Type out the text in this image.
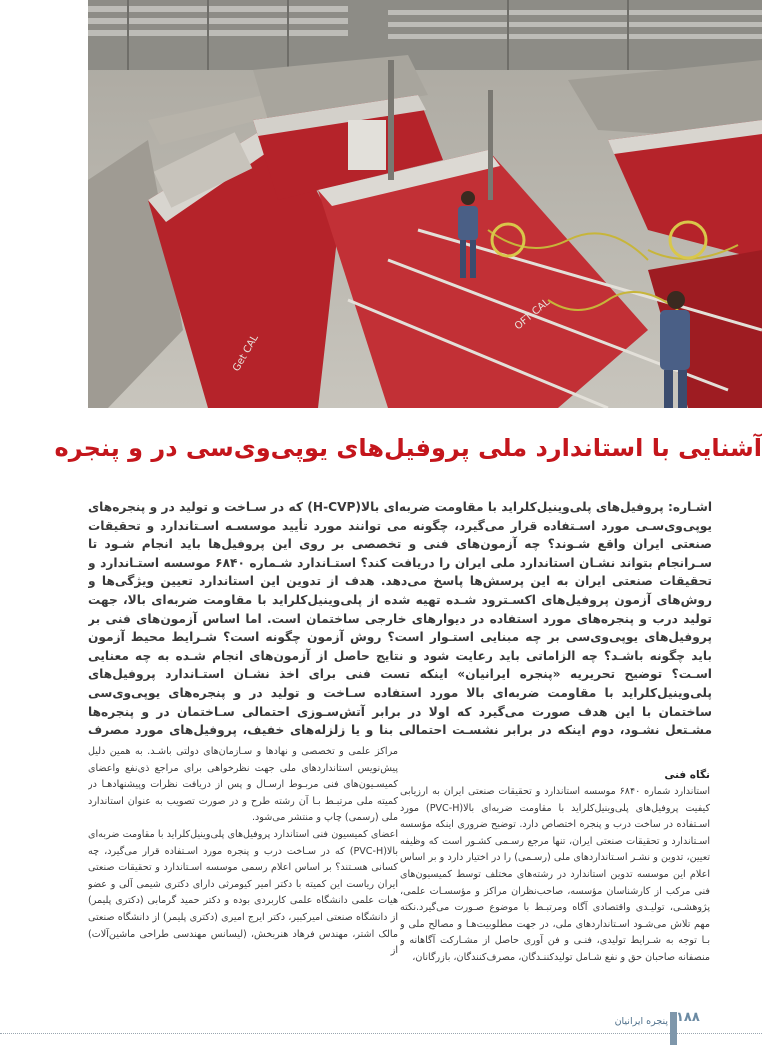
Get CAL
OFT CAL
آشنایی با استاندارد ملی پروفیل‌های یوپی‌وی‌سی در و پنجره

اشـاره: پروفیل‌های پلی‌وینیل‌کلراید با مقاومت ضربه‌ای بالا(H-CVP) که در سـاخت و تولید در و پنجره‌های یوپی‌وی‌سـی مورد اسـتفاده قرار می‌گیرد، چگونه می‌ توانند مورد تأیید موسسـه اسـتاندارد و تحقیقات صنعتی ایران واقع شـوند؟ چه آزمون‌های فنی و تخصصی بر روی این پروفیل‌ها باید انجام شـود تا سـرانجام بتواند نشـان استاندارد ملی ایران را دریافت کند؟ استـاندارد شـماره ۶۸۴۰ موسسه استـاندارد و تحقیقات صنعتی ایران به این پرسش‌ها پاسخ می‌دهد. هدف از تدوین این استاندارد تعیین ویژگی‌ها و روش‌های آزمون پروفیل‌های اکسـترود شـده تهیه شده از پلی‌وینیل‌کلراید با مقاومت ضربه‌ای بالا، جهت تولید درب و پنجره‌های مورد استفاده در دیوارهای خارجی ساختمان است. اما اساس آزمون‌های فنی بر پروفیل‌های یوپی‌وی‌سی بر چه مبنایی استـوار است؟ روش آزمون چگونه است؟ شـرایط محیط آزمون باید چگونه باشـد؟ چه الزاماتی باید رعایت شود و نتایج حاصل از آزمون‌های انجام شـده به چه معنایی اسـت؟ توضیح تحریریه «پنجره ایرانیان» اینکه تست فنی برای اخذ نشـان استـاندارد پروفیل‌های پلی‌وینیل‌کلراید با مقاومت ضربه‌ای بالا مورد استفاده سـاخت و تولید در و پنجره‌های یوپی‌وی‌سی ساختمان با این هدف صورت می‌گیرد که اولا در برابر آتش‌سـوزی احتمالی سـاختمان در و پنجره‌ها مشـتعل نشـود، دوم اینکه در برابر نشسـت احتمالی بنا و یا زلزله‌های خفیف، پروفیل‌های مورد مصرف

نگاه فنی

استاندارد شماره ۶۸۴۰ موسسه استاندارد و تحقیقات صنعتی ایران به ارزیابی کیفیت پروفیل‌های پلی‌وینیل‌کلراید با مقاومت ضربه‌ای بالا(PVC-H) مورد اسـتفاده در ساخت درب و پنجره اختصاص دارد. توضیح ضروری اینکه مؤسسه اسـتاندارد و تحقیقات صنعتی ایران، تنها مرجع رسـمی کشـور است که وظیفه تعیین، تدوین و نشـر اسـتانداردهای ملی (رسـمی) را در اختیار دارد و بر اساس اعلام این موسسه تدوین استاندارد در رشته‌های مختلف توسط کمیسیون‌های فنی مرکب از کارشناسان مؤسسه، صاحب‌نظران مراکز و مؤسسـات علمی، پژوهشـی، تولیـدی واقتصادی آگاه ومرتبـط با موضوع صـورت می‌گیرد.نکته مهم تلاش می‌شـود اسـتانداردهای ملی، در جهت مطلوبیت‌هـا و مصالح ملی و بـا توجه به شـرایط تولیدی، فنـی و فن آوری حاصل از مشـارکت آگاهانه و منصفانه صاحبان حق و نفع شـامل تولیدکننـدگان، مصرف‌کنندگان، بازرگانان،

مراکز علمی و تخصصی و نهادها و سـازمان‌های دولتی باشـد. به همین دلیل پیش‌نویس استانداردهای ملی جهت نظرخواهی برای مراجع ذی‌نفع واعضای کمیسـیون‌های فنی مربـوط ارسـال و پس از دریافت نظرات وپیشنهادهـا در کمیته ملی مرتبـط بـا آن رشته طرح و در صورت تصویب به عنوان استاندارد ملی (رسمی) چاپ و منتشر می‌شود.

اعضای کمیسیون فنی استاندارد پروفیل‌های پلی‌وینیل‌کلراید با مقاومت ضربه‌ای بالا(PVC-H) که در سـاخت درب و پنجره مورد اسـتفاده قرار می‌گیرد، چه کسانی هسـتند؟ بر اساس اعلام رسمی موسسه اسـتاندارد و تحقیقات صنعتی ایران ریاست این کمیته با دکتر امیر کیومرثی دارای دکتری شیمی آلی و عضو هیات علمی دانشگاه علمی کاربردی بوده و دکتر حمید گرمابی (دکتری پلیمر) از دانشگاه صنعتی امیرکبیر، دکتر ایرج امیری (دکتری پلیمر) از دانشگاه صنعتی مالک اشتر، مهندس فرهاد هنربخش، (لیسانس مهندسی طراحی ماشین‌آلات) از

۱۸۸
پنجره ایرانیان
